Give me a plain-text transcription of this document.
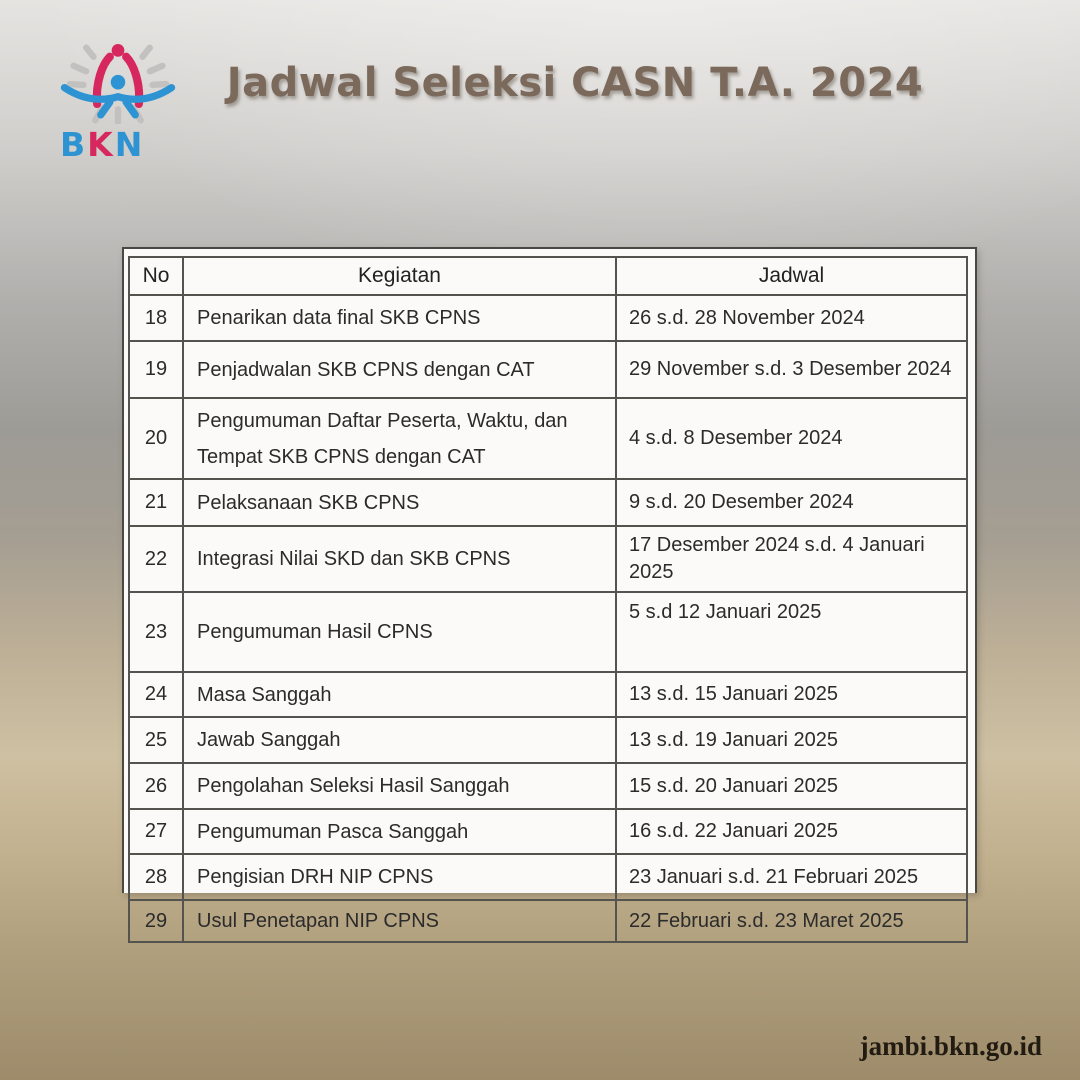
BKN
Jadwal Seleksi CASN T.A. 2024
No	Kegiatan	Jadwal
18	Penarikan data final SKB CPNS	26 s.d. 28 November 2024
19	Penjadwalan SKB CPNS dengan CAT	29 November s.d. 3 Desember 2024
20	Pengumuman Daftar Peserta, Waktu, dan Tempat SKB CPNS dengan CAT	4 s.d. 8 Desember 2024
21	Pelaksanaan SKB CPNS	9 s.d. 20 Desember 2024
22	Integrasi Nilai SKD dan SKB CPNS	17 Desember 2024 s.d. 4 Januari 2025
23	Pengumuman Hasil CPNS	5 s.d 12 Januari 2025
24	Masa Sanggah	13 s.d. 15 Januari 2025
25	Jawab Sanggah	13 s.d. 19 Januari 2025
26	Pengolahan Seleksi Hasil Sanggah	15 s.d. 20 Januari 2025
27	Pengumuman Pasca Sanggah	16 s.d. 22 Januari 2025
28	Pengisian DRH NIP CPNS	23 Januari s.d. 21 Februari 2025
29	Usul Penetapan NIP CPNS	22 Februari s.d. 23 Maret 2025
jambi.bkn.go.id
